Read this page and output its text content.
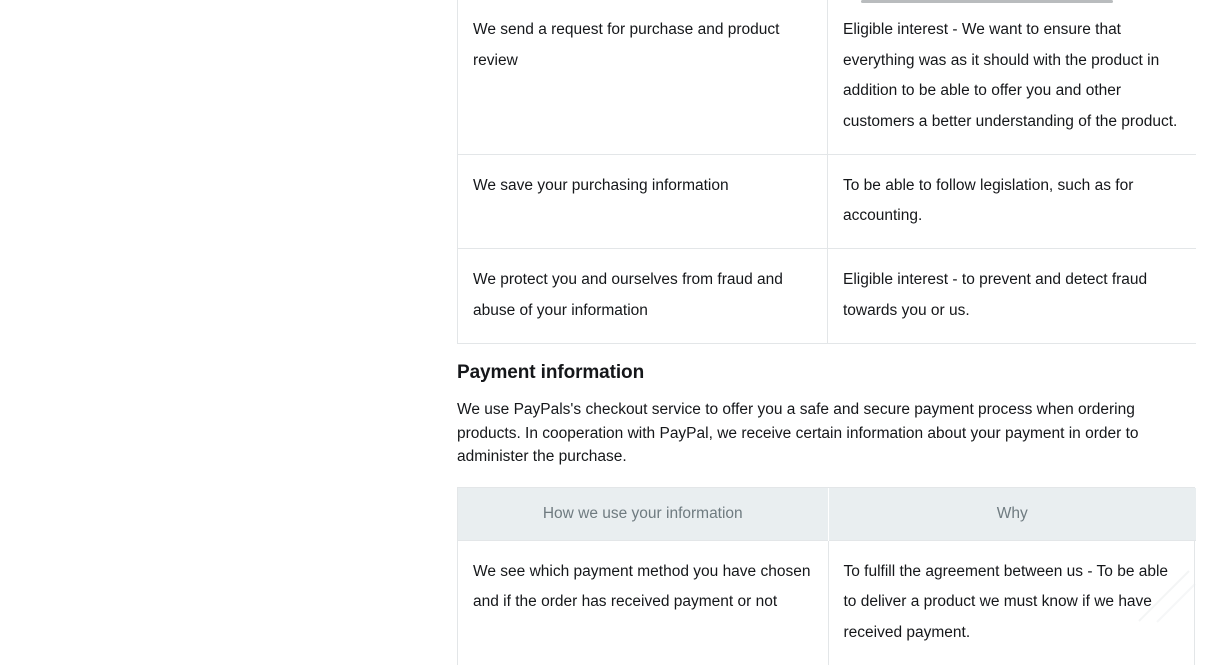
We send a request for purchase and product review	Eligible interest - We want to ensure that everything was as it should with the product in addition to be able to offer you and other customers a better understanding of the product.
We save your purchasing information	To be able to follow legislation, such as for accounting.
We protect you and ourselves from fraud and abuse of your information	Eligible interest - to prevent and detect fraud towards you or us.
Payment information

We use PayPals's checkout service to offer you a safe and secure payment process when ordering products. In cooperation with PayPal, we receive certain information about your payment in order to administer the purchase.

How we use your information	Why
We see which payment method you have chosen and if the order has received payment or not	To fulfill the agreement between us - To be able to deliver a product we must know if we have received payment.
